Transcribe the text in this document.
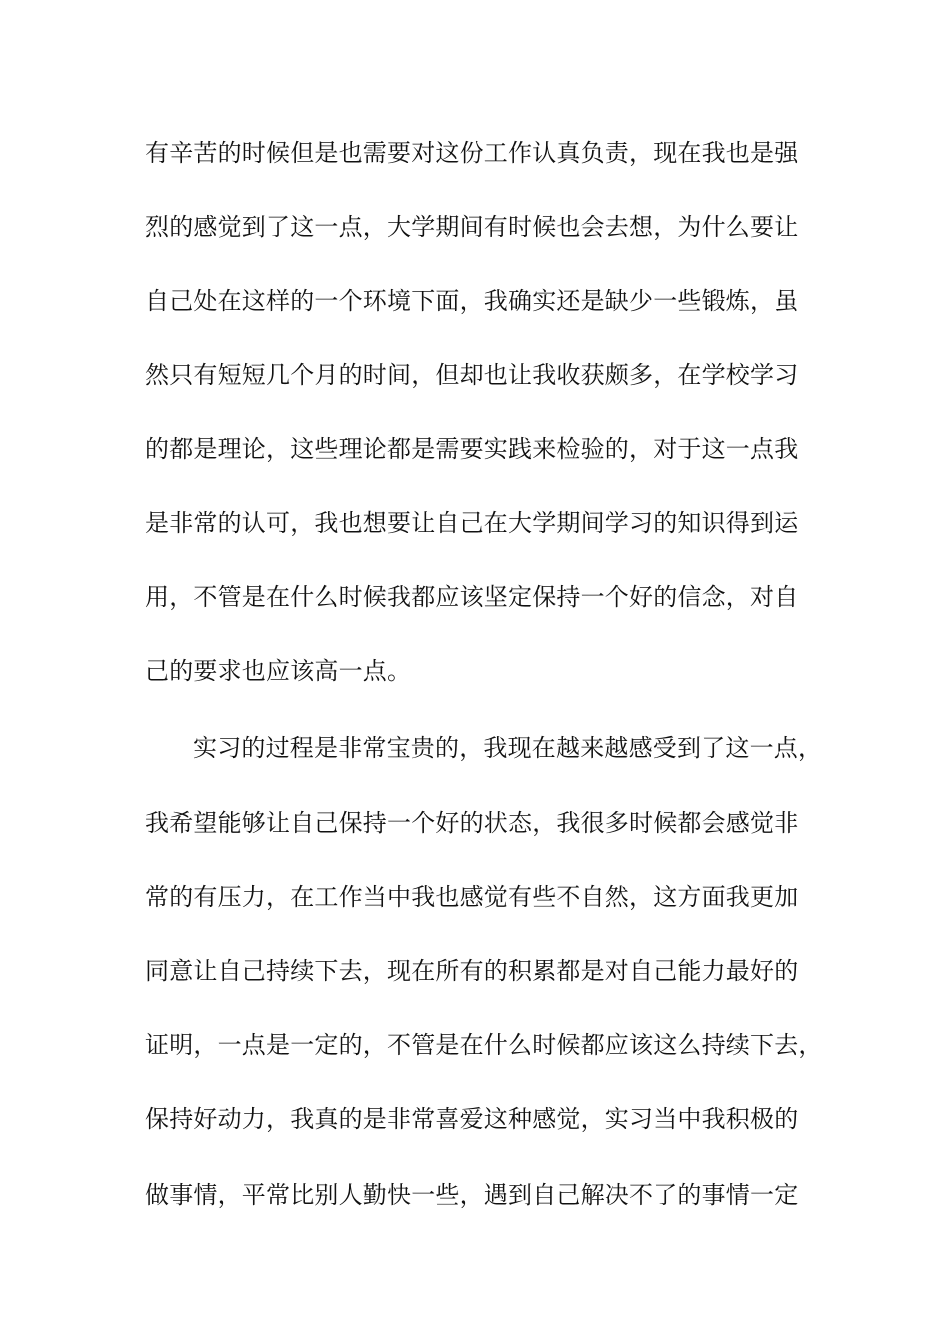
有辛苦的时候但是也需要对这份工作认真负责，现在我也是强
烈的感觉到了这一点，大学期间有时候也会去想，为什么要让
自己处在这样的一个环境下面，我确实还是缺少一些锻炼，虽
然只有短短几个月的时间，但却也让我收获颇多，在学校学习
的都是理论，这些理论都是需要实践来检验的，对于这一点我
是非常的认可，我也想要让自己在大学期间学习的知识得到运
用，不管是在什么时候我都应该坚定保持一个好的信念，对自
己的要求也应该高一点。
实习的过程是非常宝贵的，我现在越来越感受到了这一点，
我希望能够让自己保持一个好的状态，我很多时候都会感觉非
常的有压力，在工作当中我也感觉有些不自然，这方面我更加
同意让自己持续下去，现在所有的积累都是对自己能力最好的
证明，一点是一定的，不管是在什么时候都应该这么持续下去，
保持好动力，我真的是非常喜爱这种感觉，实习当中我积极的
做事情，平常比别人勤快一些，遇到自己解决不了的事情一定
